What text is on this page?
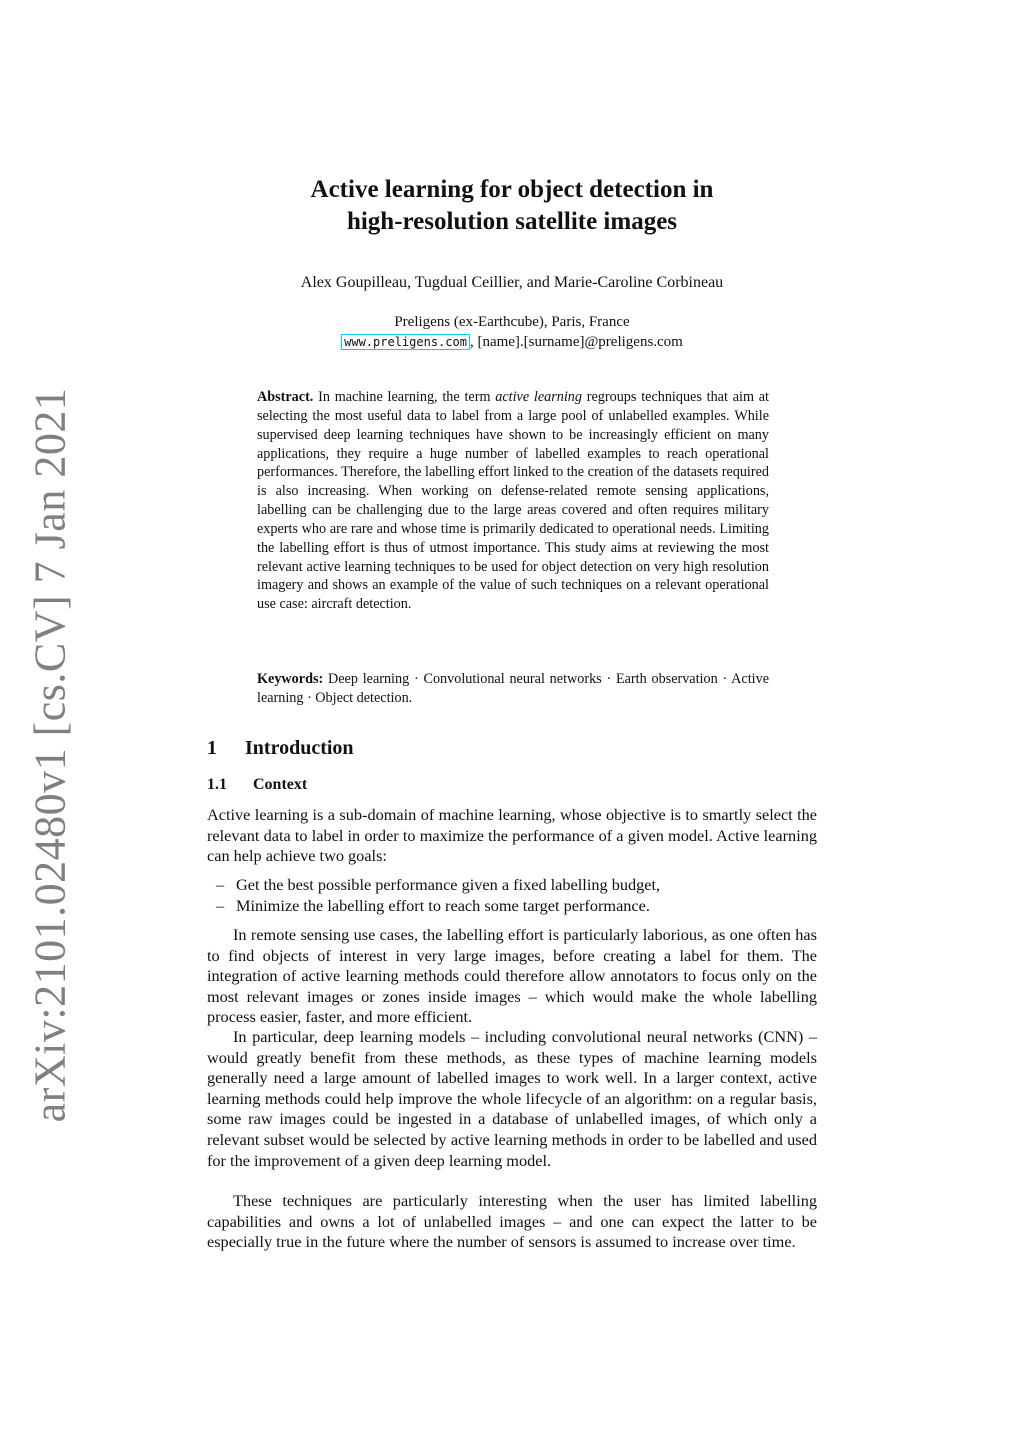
arXiv:2101.02480v1 [cs.CV] 7 Jan 2021
Active learning for object detection in
high-resolution satellite images
Alex Goupilleau, Tugdual Ceillier, and Marie-Caroline Corbineau
Preligens (ex-Earthcube), Paris, France
www.preligens.com , [name].[surname]@preligens.com
Abstract. In machine learning, the term active learning regroups techniques that aim at selecting the most useful data to label from a large pool of unlabelled examples. While supervised deep learning techniques have shown to be increasingly efficient on many applications, they require a huge number of labelled examples to reach operational performances. Therefore, the labelling effort linked to the creation of the datasets required is also increasing. When working on defense-related remote sensing applications, labelling can be challenging due to the large areas covered and often requires military experts who are rare and whose time is primarily dedicated to operational needs. Limiting the labelling effort is thus of utmost importance. This study aims at reviewing the most relevant active learning techniques to be used for object detection on very high resolution imagery and shows an example of the value of such techniques on a relevant operational use case: aircraft detection.
Keywords: Deep learning · Convolutional neural networks · Earth observation · Active learning · Object detection.
1 Introduction
1.1 Context

Active learning is a sub-domain of machine learning, whose objective is to smartly select the relevant data to label in order to maximize the performance of a given model. Active learning can help achieve two goals:

– Get the best possible performance given a fixed labelling budget,
– Minimize the labelling effort to reach some target performance.

In remote sensing use cases, the labelling effort is particularly laborious, as one often has to find objects of interest in very large images, before creating a label for them. The integration of active learning methods could therefore allow annotators to focus only on the most relevant images or zones inside images – which would make the whole labelling process easier, faster, and more efficient.

In particular, deep learning models – including convolutional neural networks (CNN) – would greatly benefit from these methods, as these types of machine learning models generally need a large amount of labelled images to work well. In a larger context, active learning methods could help improve the whole lifecycle of an algorithm: on a regular basis, some raw images could be ingested in a database of unlabelled images, of which only a relevant subset would be selected by active learning methods in order to be labelled and used for the improvement of a given deep learning model.

These techniques are particularly interesting when the user has limited labelling capabilities and owns a lot of unlabelled images – and one can expect the latter to be especially true in the future where the number of sensors is assumed to increase over time.
